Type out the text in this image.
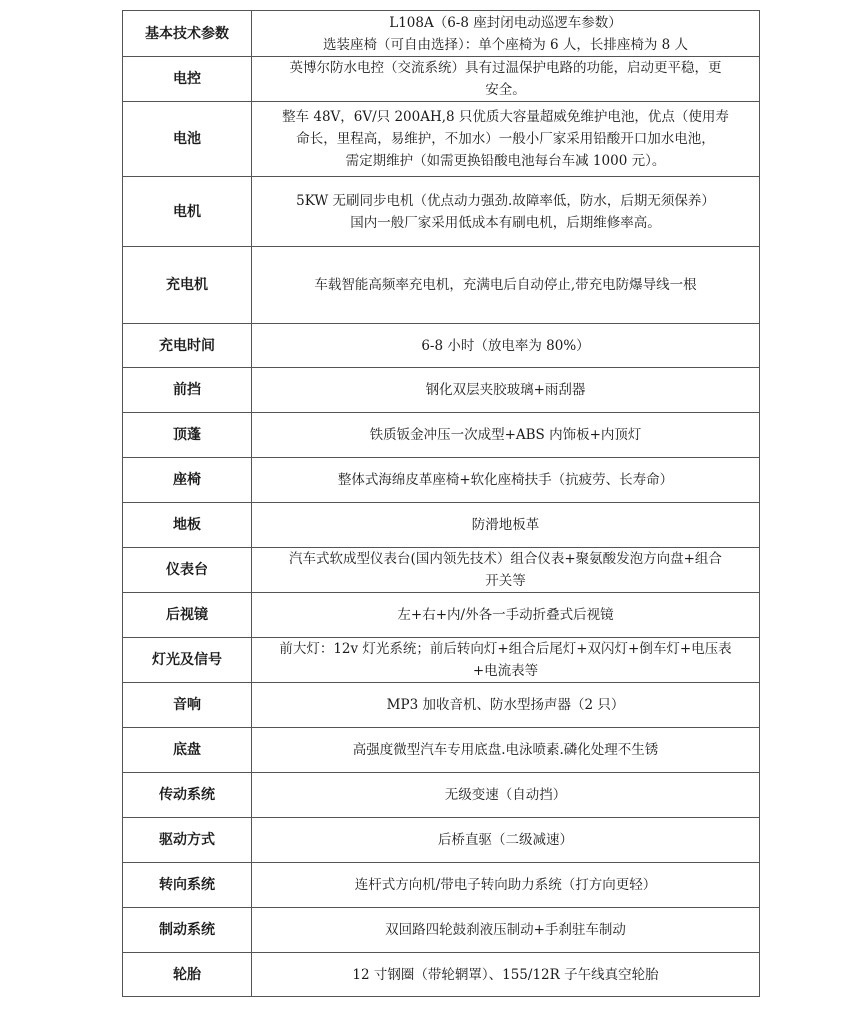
基本技术参数	L108A（6-8 座封闭电动巡逻车参数）
选装座椅（可自由选择）：单个座椅为 6 人，长排座椅为 8 人

电控	英博尔防水电控（交流系统）具有过温保护电路的功能，启动更平稳，更
安全。

电池	整车 48V，6V/只 200AH,8 只优质大容量超威免维护电池，优点（使用寿
命长，里程高，易维护，不加水）一般小厂家采用铅酸开口加水电池，
需定期维护（如需更换铅酸电池每台车减 1000 元）。

电机	5KW 无刷同步电机（优点动力强劲.故障率低，防水，后期无须保养）
国内一般厂家采用低成本有刷电机，后期维修率高。

充电机	车载智能高频率充电机，充满电后自动停止,带充电防爆导线一根

充电时间	6-8 小时（放电率为 80%）

前挡	钢化双层夹胶玻璃+雨刮器

顶蓬	铁质钣金冲压一次成型+ABS 内饰板+内顶灯

座椅	整体式海绵皮革座椅+软化座椅扶手（抗疲劳、长寿命）

地板	防滑地板革

仪表台	汽车式软成型仪表台(国内领先技术）组合仪表+聚氨酸发泡方向盘+组合
开关等

后视镜	左+右+内/外各一手动折叠式后视镜

灯光及信号	前大灯：12v 灯光系统；前后转向灯+组合后尾灯+双闪灯+倒车灯+电压表
+电流表等

音响	MP3 加收音机、防水型扬声器（2 只）

底盘	高强度微型汽车专用底盘.电泳喷素.磷化处理不生锈

传动系统	无级变速（自动挡）

驱动方式	后桥直驱（二级减速）

转向系统	连杆式方向机/带电子转向助力系统（打方向更轻）

制动系统	双回路四轮鼓刹液压制动+手刹驻车制动

轮胎	12 寸钢圈（带轮辋罩）、155/12R 子午线真空轮胎
